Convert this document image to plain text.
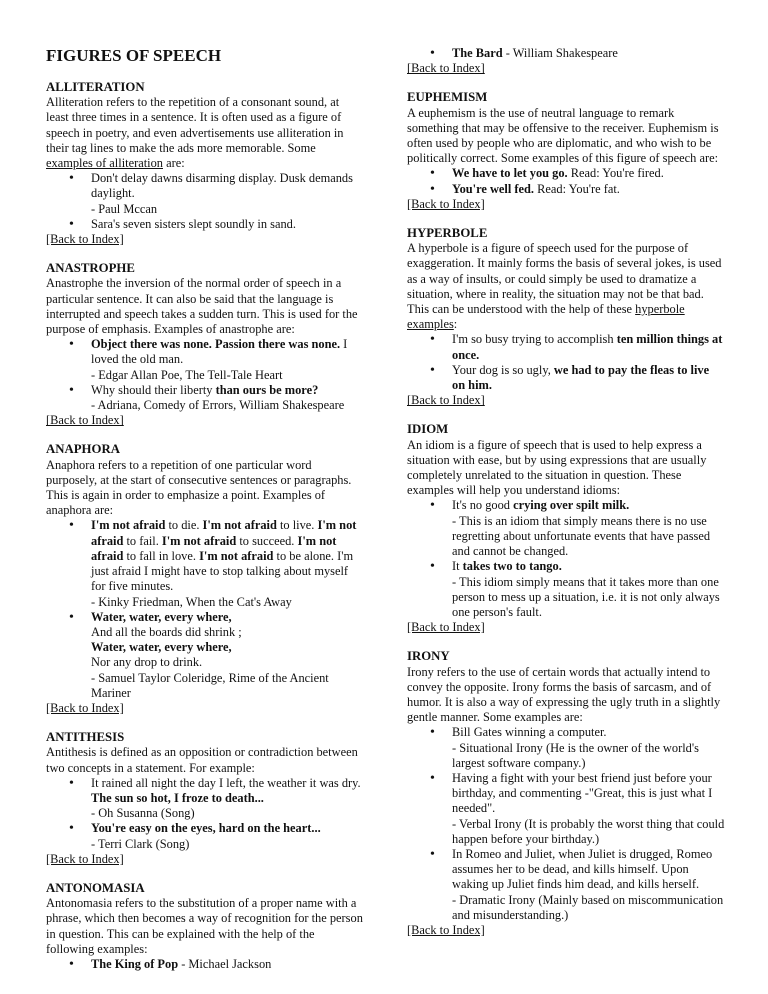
FIGURES OF SPEECH
ALLITERATION

Alliteration refers to the repetition of a consonant sound, at least three times in a sentence. It is often used as a figure of speech in poetry, and even advertisements use alliteration in their tag lines to make the ads more memorable. Some examples of alliteration are:

• Don't delay dawns disarming display. Dusk demands daylight.
- Paul Mccan
• Sara's seven sisters slept soundly in sand.
[Back to Index]
ANASTROPHE

Anastrophe the inversion of the normal order of speech in a particular sentence. It can also be said that the language is interrupted and speech takes a sudden turn. This is used for the purpose of emphasis. Examples of anastrophe are:

• Object there was none. Passion there was none. I loved the old man.
- Edgar Allan Poe, The Tell-Tale Heart
• Why should their liberty than ours be more?
- Adriana, Comedy of Errors, William Shakespeare
[Back to Index]
ANAPHORA

Anaphora refers to a repetition of one particular word purposely, at the start of consecutive sentences or paragraphs. This is again in order to emphasize a point. Examples of anaphora are:

• I'm not afraid to die. I'm not afraid to live. I'm not afraid to fail. I'm not afraid to succeed. I'm not afraid to fall in love. I'm not afraid to be alone. I'm just afraid I might have to stop talking about myself for five minutes.
- Kinky Friedman, When the Cat's Away
• Water, water, every where,
And all the boards did shrink ;
Water, water, every where,
Nor any drop to drink.
- Samuel Taylor Coleridge, Rime of the Ancient Mariner
[Back to Index]
ANTITHESIS

Antithesis is defined as an opposition or contradiction between two concepts in a statement. For example:

• It rained all night the day I left, the weather it was dry. The sun so hot, I froze to death...
- Oh Susanna (Song)
• You're easy on the eyes, hard on the heart...
- Terri Clark (Song)
[Back to Index]
ANTONOMASIA

Antonomasia refers to the substitution of a proper name with a phrase, which then becomes a way of recognition for the person in question. This can be explained with the help of the following examples:

• The King of Pop - Michael Jackson
• The Bard - William Shakespeare
[Back to Index]
EUPHEMISM

A euphemism is the use of neutral language to remark something that may be offensive to the receiver. Euphemism is often used by people who are diplomatic, and who wish to be politically correct. Some examples of this figure of speech are:

• We have to let you go. Read: You're fired.
• You're well fed. Read: You're fat.
[Back to Index]
HYPERBOLE

A hyperbole is a figure of speech used for the purpose of exaggeration. It mainly forms the basis of several jokes, is used as a way of insults, or could simply be used to dramatize a situation, where in reality, the situation may not be that bad. This can be understood with the help of these hyperbole examples:

• I'm so busy trying to accomplish ten million things at once.
• Your dog is so ugly, we had to pay the fleas to live on him.
[Back to Index]
IDIOM

An idiom is a figure of speech that is used to help express a situation with ease, but by using expressions that are usually completely unrelated to the situation in question. These examples will help you understand idioms:

• It's no good crying over spilt milk.
- This is an idiom that simply means there is no use regretting about unfortunate events that have passed and cannot be changed.
• It takes two to tango.
- This idiom simply means that it takes more than one person to mess up a situation, i.e. it is not only always one person's fault.
[Back to Index]
IRONY

Irony refers to the use of certain words that actually intend to convey the opposite. Irony forms the basis of sarcasm, and of humor. It is also a way of expressing the ugly truth in a slightly gentle manner. Some examples are:

• Bill Gates winning a computer.
- Situational Irony (He is the owner of the world's largest software company.)
• Having a fight with your best friend just before your birthday, and commenting -"Great, this is just what I needed".
- Verbal Irony (It is probably the worst thing that could happen before your birthday.)
• In Romeo and Juliet, when Juliet is drugged, Romeo assumes her to be dead, and kills himself. Upon waking up Juliet finds him dead, and kills herself.
- Dramatic Irony (Mainly based on miscommunication and misunderstanding.)
[Back to Index]
